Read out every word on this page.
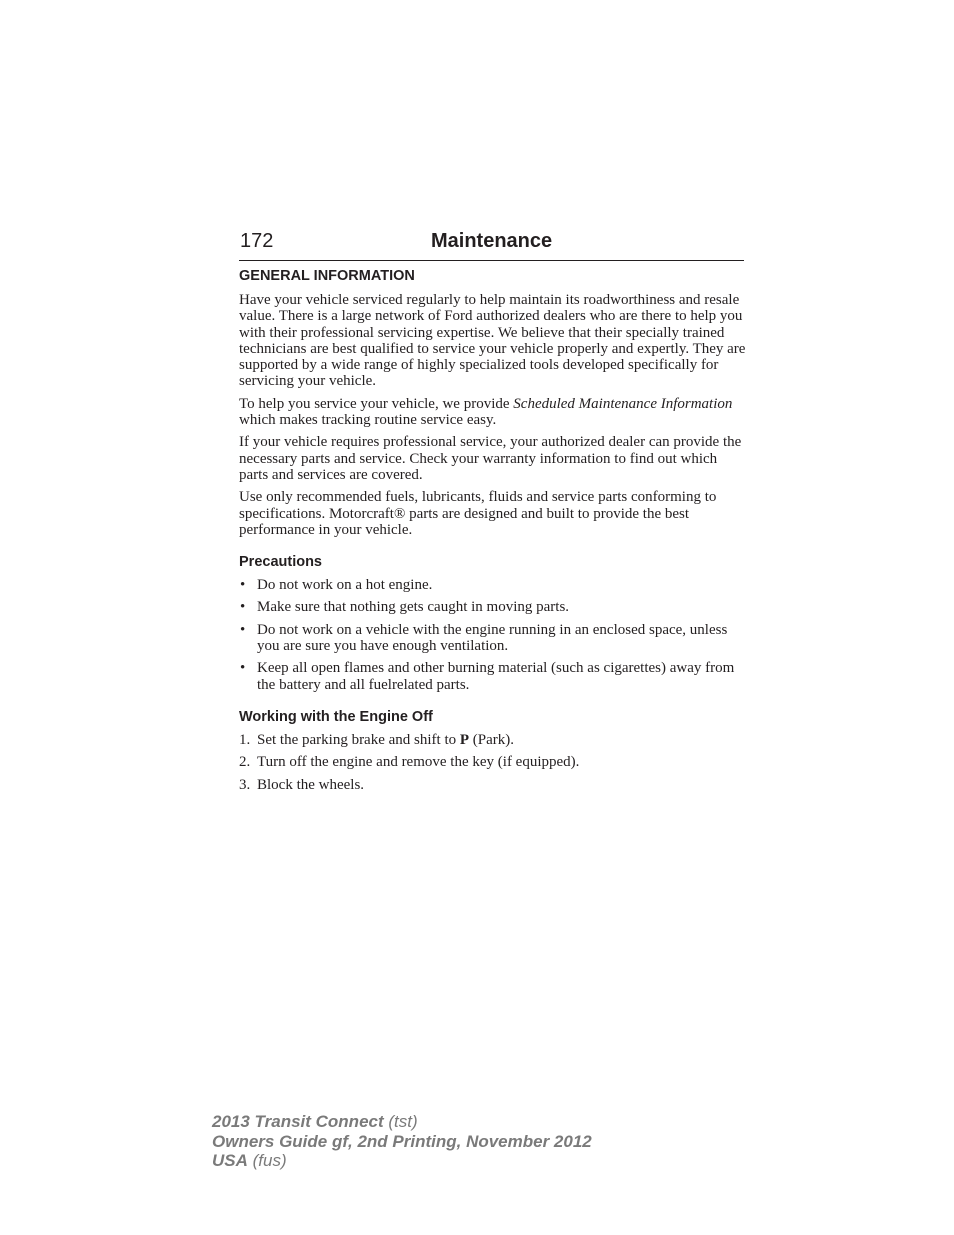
172	Maintenance
GENERAL INFORMATION

Have your vehicle serviced regularly to help maintain its roadworthiness and resale value. There is a large network of Ford authorized dealers who are there to help you with their professional servicing expertise. We believe that their specially trained technicians are best qualified to service your vehicle properly and expertly. They are supported by a wide range of highly specialized tools developed specifically for servicing your vehicle.

To help you service your vehicle, we provide Scheduled Maintenance Information which makes tracking routine service easy.

If your vehicle requires professional service, your authorized dealer can provide the necessary parts and service. Check your warranty information to find out which parts and services are covered.

Use only recommended fuels, lubricants, fluids and service parts conforming to specifications. Motorcraft® parts are designed and built to provide the best performance in your vehicle.

Precautions
• Do not work on a hot engine.
• Make sure that nothing gets caught in moving parts.
• Do not work on a vehicle with the engine running in an enclosed space, unless you are sure you have enough ventilation.
• Keep all open flames and other burning material (such as cigarettes) away from the battery and all fuelrelated parts.
Working with the Engine Off
1. Set the parking brake and shift to P (Park).
2. Turn off the engine and remove the key (if equipped).
3. Block the wheels.
2013 Transit Connect (tst)
Owners Guide gf, 2nd Printing, November 2012
USA (fus)
